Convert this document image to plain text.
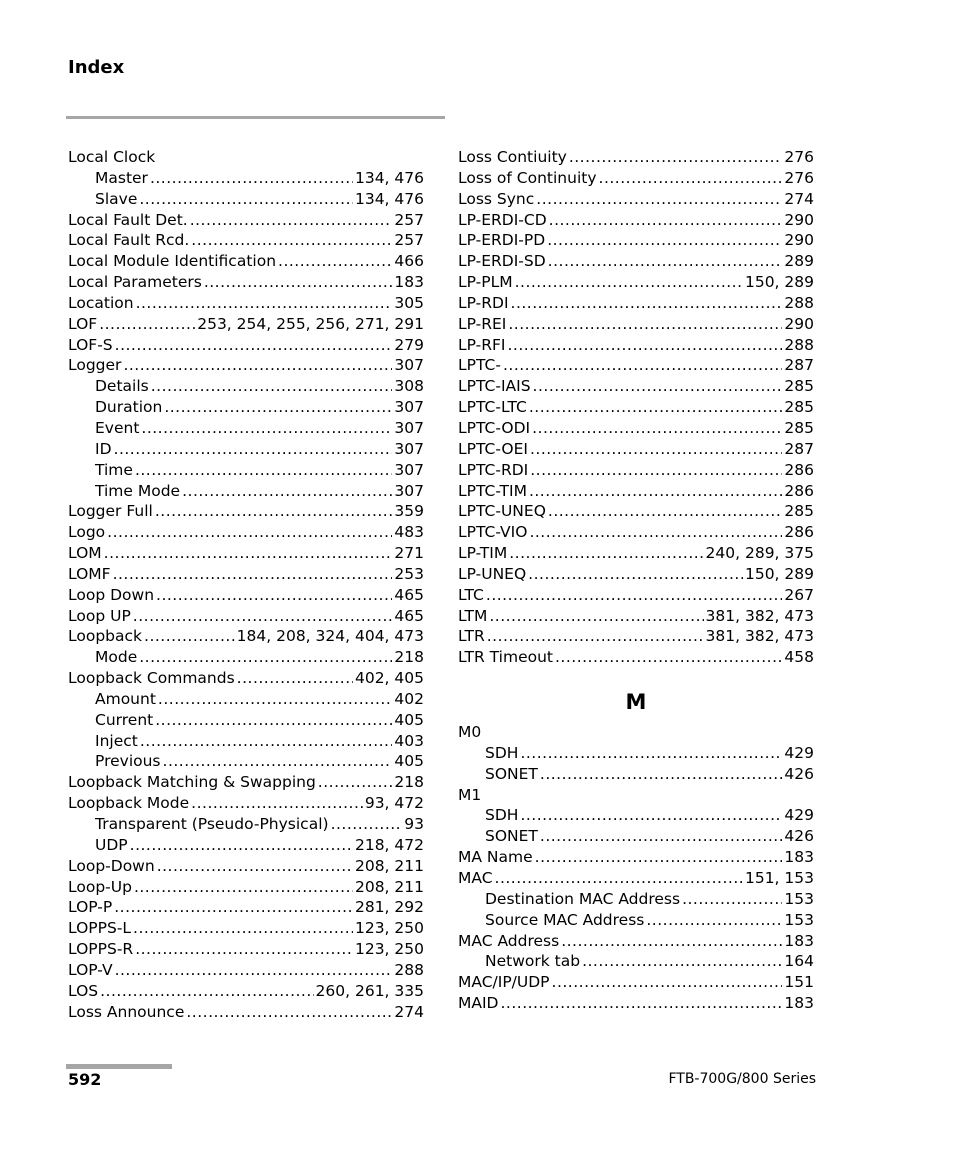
Index
Local Clock
Master .....	134, 476
Slave .....	134, 476
Local Fault Det. .....	257
Local Fault Rcd. .....	257
Local Module Identification .....	466
Local Parameters .....	183
Location .....	305
LOF .....	253, 254, 255, 256, 271, 291
LOF-S .....	279
Logger .....	307
Details .....	308
Duration .....	307
Event .....	307
ID .....	307
Time .....	307
Time Mode .....	307
Logger Full .....	359
Logo .....	483
LOM .....	271
LOMF .....	253
Loop Down .....	465
Loop UP .....	465
Loopback .....	184, 208, 324, 404, 473
Mode .....	218
Loopback Commands .....	402, 405
Amount .....	402
Current .....	405
Inject .....	403
Previous .....	405
Loopback Matching & Swapping .....	218
Loopback Mode .....	93, 472
Transparent (Pseudo-Physical) .....	93
UDP .....	218, 472
Loop-Down .....	208, 211
Loop-Up .....	208, 211
LOP-P .....	281, 292
LOPPS-L .....	123, 250
LOPPS-R .....	123, 250
LOP-V .....	288
LOS .....	260, 261, 335
Loss Announce .....	274
Loss Contiuity .....	276
Loss of Continuity .....	276
Loss Sync .....	274
LP-ERDI-CD .....	290
LP-ERDI-PD .....	290
LP-ERDI-SD .....	289
LP-PLM .....	150, 289
LP-RDI .....	288
LP-REI .....	290
LP-RFI .....	288
LPTC- .....	287
LPTC-IAIS .....	285
LPTC-LTC .....	285
LPTC-ODI .....	285
LPTC-OEI .....	287
LPTC-RDI .....	286
LPTC-TIM .....	286
LPTC-UNEQ .....	285
LPTC-VIO .....	286
LP-TIM .....	240, 289, 375
LP-UNEQ .....	150, 289
LTC .....	267
LTM .....	381, 382, 473
LTR .....	381, 382, 473
LTR Timeout .....	458
M
M0
SDH .....	429
SONET .....	426
M1
SDH .....	429
SONET .....	426
MA Name .....	183
MAC .....	151, 153
Destination MAC Address .....	153
Source MAC Address .....	153
MAC Address .....	183
Network tab .....	164
MAC/IP/UDP .....	151
MAID .....	183
592	FTB-700G/800 Series
